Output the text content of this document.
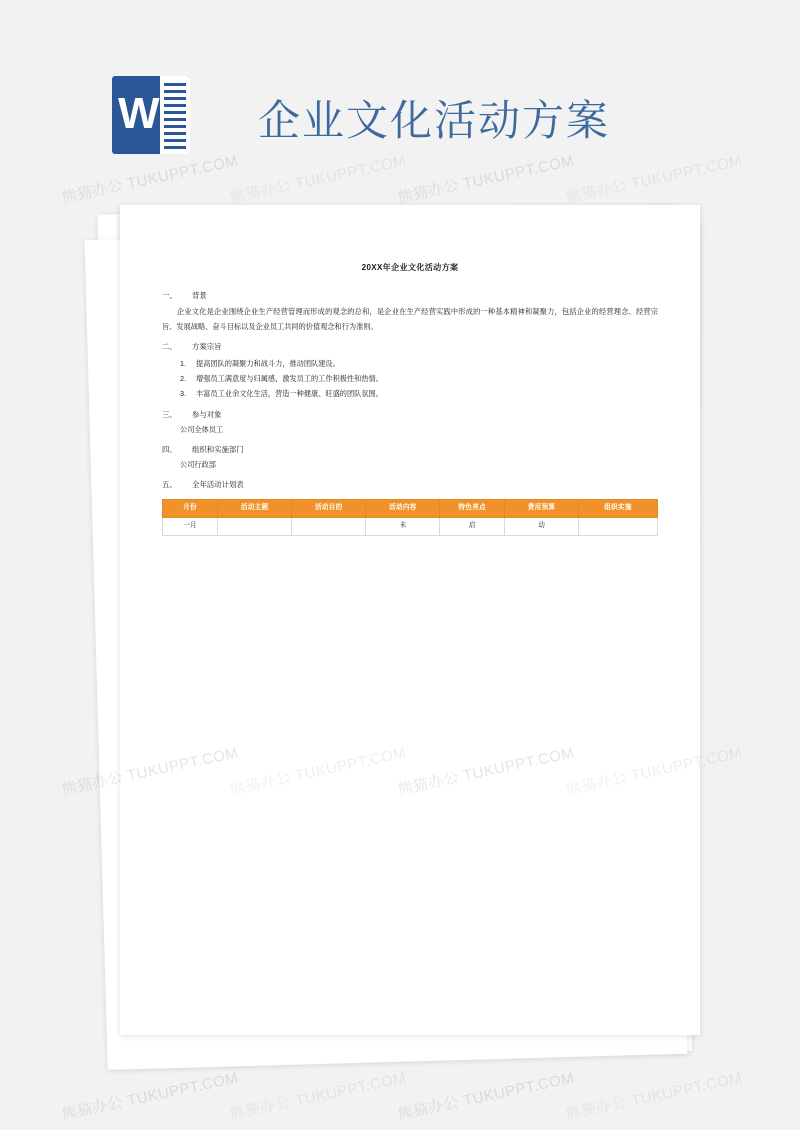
W 企业文化活动方案
20XX年企业文化活动方案
一、 背景
企业文化是企业围绕企业生产经营管理而形成的观念的总和，是企业在生产经营实践中形成的一种基本精神和凝聚力，包括企业的经营理念、经营宗旨、发展战略、奋斗目标以及企业员工共同的价值观念和行为准则。
二、 方案宗旨
1. 提高团队的凝聚力和战斗力，推动团队建设。
2. 增强员工满意度与归属感，激发员工的工作积极性和热情。
3. 丰富员工业余文化生活，营造一种健康、旺盛的团队氛围。
三、 参与对象
公司全体员工
四、 组织和实施部门
公司行政部
五、 全年活动计划表
月份	活动主题	活动目的	活动内容	特色亮点	费用预算	组织实施
一月			未	启	动	
熊猫办公 TUKUPPT.COM
熊猫办公 TUKUPPT.COM
熊猫办公 TUKUPPT.COM
熊猫办公 TUKUPPT.COM
熊猫办公
熊猫办公 TUKUPPT.COM
熊猫办公 TUKUPPT.COM
熊猫办公 TUKUPPT.COM
熊猫办公 TUKUPPT.COM
